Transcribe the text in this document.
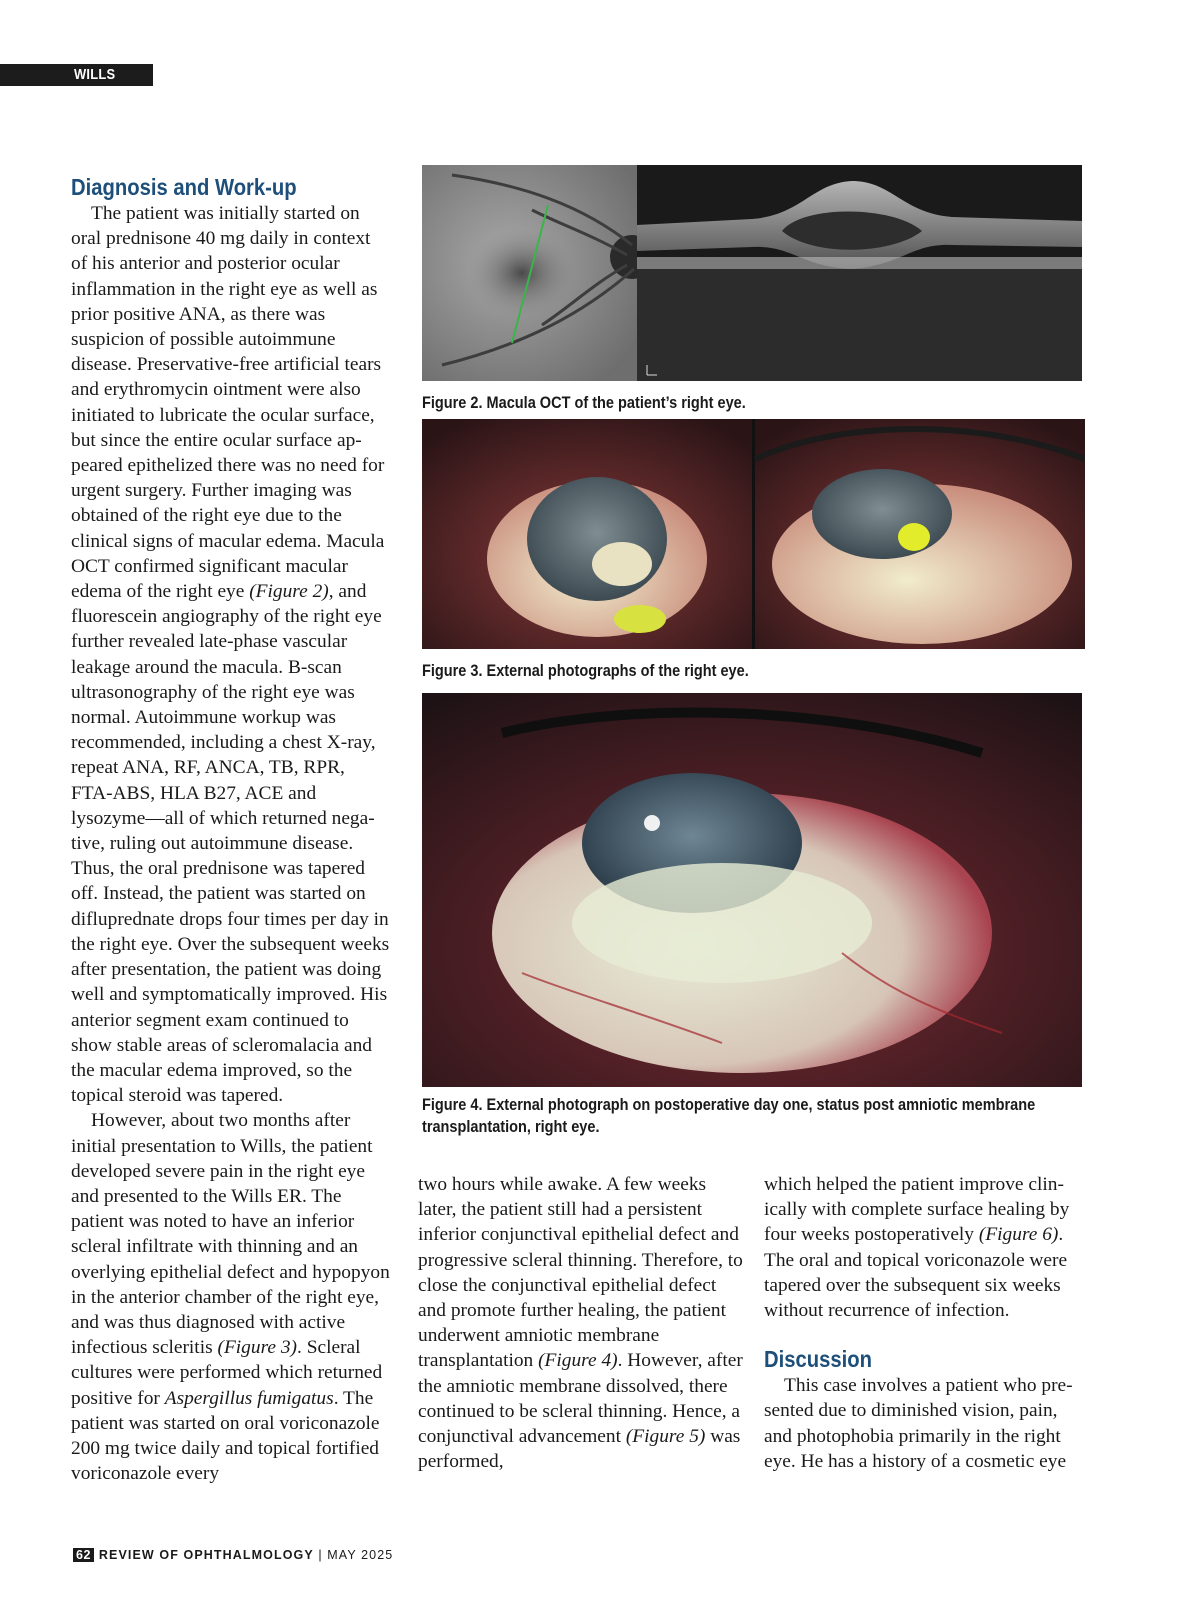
WILLS EYE
Diagnosis and Work-up

The patient was initially started on oral prednisone 40 mg daily in context of his anterior and posterior ocular inflammation in the right eye as well as prior positive ANA, as there was suspicion of possible autoimmune disease. Preservative-free artificial tears and erythromycin ointment were also initiated to lubricate the ocular surface, but since the entire ocular surface appeared epithelized there was no need for urgent surgery. Further imaging was obtained of the right eye due to the clinical signs of macular edema. Macula OCT confirmed significant macular edema of the right eye (Figure 2), and fluorescein angiography of the right eye further revealed late-phase vascular leakage around the macula. B-scan ultrasonography of the right eye was normal. Autoimmune workup was recommended, including a chest X-ray, repeat ANA, RF, ANCA, TB, RPR, FTA-ABS, HLA B27, ACE and lysozyme—all of which returned negative, ruling out autoimmune disease. Thus, the oral prednisone was tapered off. Instead, the patient was started on difluprednate drops four times per day in the right eye. Over the subsequent weeks after presentation, the patient was doing well and symptomatically improved. His anterior segment exam continued to show stable areas of scleromalacia and the macular edema improved, so the topical steroid was tapered.

However, about two months after initial presentation to Wills, the patient developed severe pain in the right eye and presented to the Wills ER. The patient was noted to have an inferior scleral infiltrate with thinning and an overlying epithelial defect and hypopyon in the anterior chamber of the right eye, and was thus diagnosed with active infectious scleritis (Figure 3). Scleral cultures were performed which returned positive for Aspergillus fumigatus. The patient was started on oral voriconazole 200 mg twice daily and topical fortified voriconazole every

Figure 2. Macula OCT of the patient’s right eye.
Figure 3. External photographs of the right eye.
Figure 4. External photograph on postoperative day one, status post amniotic membrane transplantation, right eye.

two hours while awake. A few weeks later, the patient still had a persistent inferior conjunctival epithelial defect and progressive scleral thinning. Therefore, to close the conjunctival epithelial defect and promote further healing, the patient underwent amniotic membrane transplantation (Figure 4). However, after the amniotic membrane dissolved, there continued to be scleral thinning. Hence, a conjunctival advancement (Figure 5) was performed,

which helped the patient improve clinically with complete surface healing by four weeks postoperatively (Figure 6). The oral and topical voriconazole were tapered over the subsequent six weeks without recurrence of infection.

Discussion

This case involves a patient who presented due to diminished vision, pain, and photophobia primarily in the right eye. He has a history of a cosmetic eye

62 REVIEW OF OPHTHALMOLOGY | MAY 2025
